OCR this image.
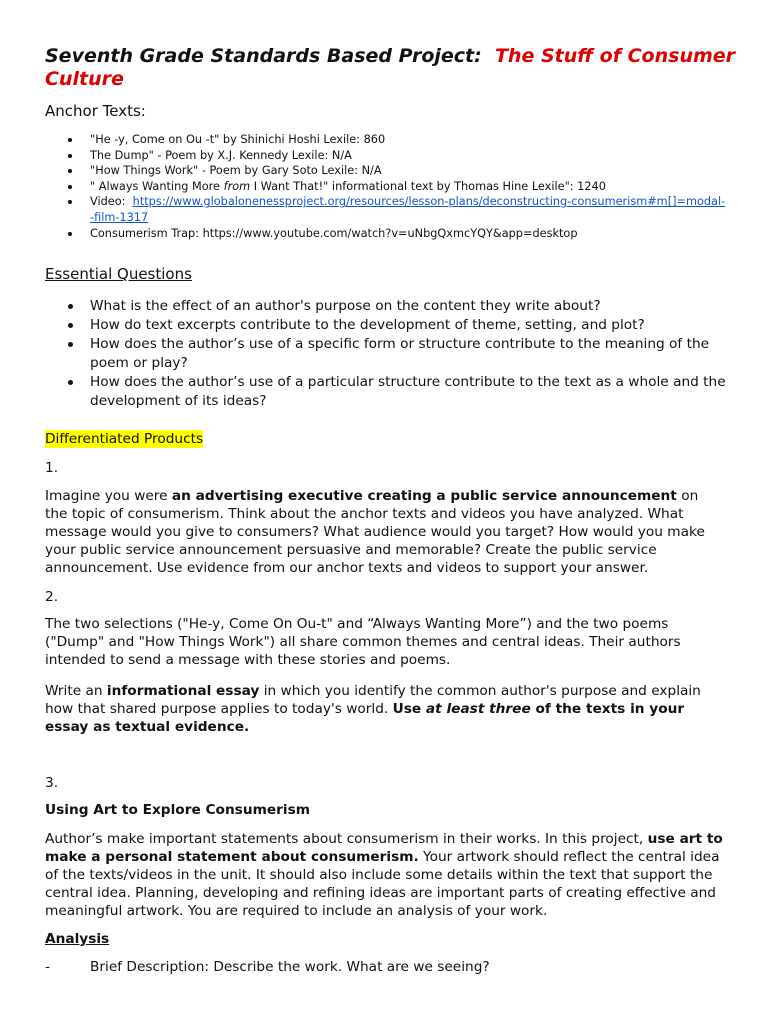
Seventh Grade Standards Based Project: The Stuff of Consumer Culture
Anchor Texts:
"He -y, Come on Ou -t" by Shinichi Hoshi Lexile: 860
The Dump" - Poem by X.J. Kennedy Lexile: N/A
"How Things Work" - Poem by Gary Soto Lexile: N/A
" Always Wanting More from I Want That!" informational text by Thomas Hine Lexile": 1240
Video: https://www.globalonenessproject.org/resources/lesson-plans/deconstructing-consumerism#m[]=modal--film-1317
Consumerism Trap: https://www.youtube.com/watch?v=uNbgQxmcYQY&app=desktop
Essential Questions
What is the effect of an author's purpose on the content they write about?
How do text excerpts contribute to the development of theme, setting, and plot?
How does the author’s use of a specific form or structure contribute to the meaning of the poem or play?
How does the author’s use of a particular structure contribute to the text as a whole and the development of its ideas?
Differentiated Products

1.

Imagine you were an advertising executive creating a public service announcement on the topic of consumerism. Think about the anchor texts and videos you have analyzed. What message would you give to consumers? What audience would you target? How would you make your public service announcement persuasive and memorable? Create the public service announcement. Use evidence from our anchor texts and videos to support your answer.

2.

The two selections ("He-y, Come On Ou-t" and “Always Wanting More”) and the two poems ("Dump" and "How Things Work") all share common themes and central ideas. Their authors intended to send a message with these stories and poems.

Write an informational essay in which you identify the common author's purpose and explain how that shared purpose applies to today's world. Use at least three of the texts in your essay as textual evidence.

3.

Using Art to Explore Consumerism

Author’s make important statements about consumerism in their works. In this project, use art to make a personal statement about consumerism. Your artwork should reflect the central idea of the texts/videos in the unit. It should also include some details within the text that support the central idea. Planning, developing and refining ideas are important parts of creating effective and meaningful artwork. You are required to include an analysis of your work.

Analysis

-	Brief Description: Describe the work. What are we seeing?
